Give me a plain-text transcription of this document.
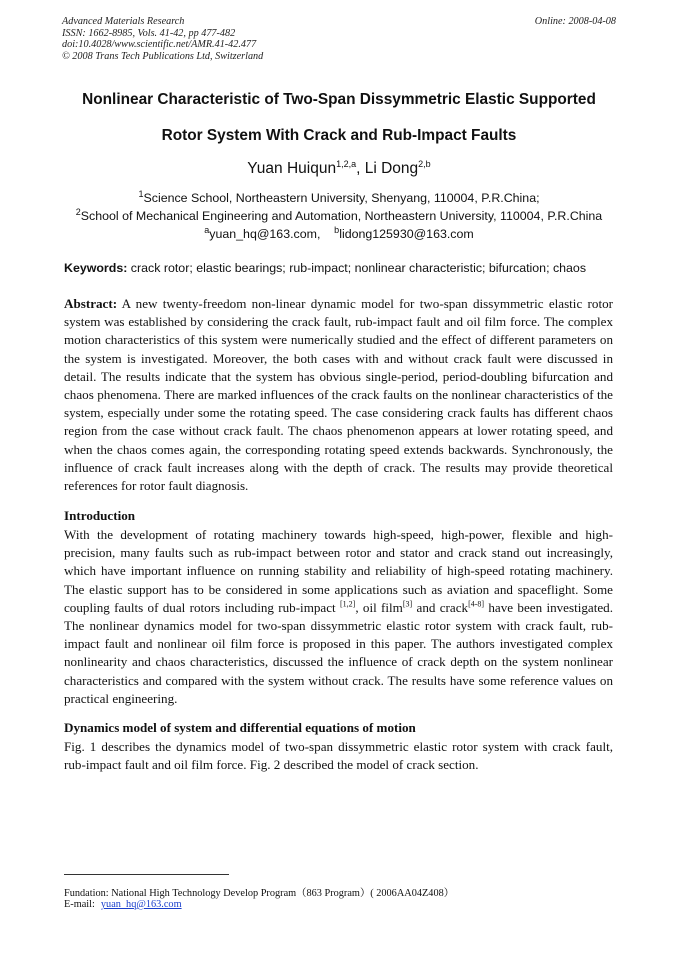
Advanced Materials Research
ISSN: 1662-8985, Vols. 41-42, pp 477-482
doi:10.4028/www.scientific.net/AMR.41-42.477
© 2008 Trans Tech Publications Ltd, Switzerland
Online: 2008-04-08
Nonlinear Characteristic of Two-Span Dissymmetric Elastic Supported
Rotor System With Crack and Rub-Impact Faults
Yuan Huiqun$^{1,2,a}$, Li Dong$^{2,b}$
$^1$Science School, Northeastern University, Shenyang, 110004, P.R.China;
$^2$School of Mechanical Engineering and Automation, Northeastern University, 110004, P.R.China
$^a$yuan_hq@163.com, $^b$lidong125930@163.com
Keywords: crack rotor; elastic bearings; rub-impact; nonlinear characteristic; bifurcation; chaos
Abstract: A new twenty-freedom non-linear dynamic model for two-span dissymmetric elastic rotor system was established by considering the crack fault, rub-impact fault and oil film force. The complex motion characteristics of this system were numerically studied and the effect of different parameters on the system is investigated. Moreover, the both cases with and without crack fault were discussed in detail. The results indicate that the system has obvious single-period, period-doubling bifurcation and chaos phenomena. There are marked influences of the crack faults on the nonlinear characteristics of the system, especially under some the rotating speed. The case considering crack faults has different chaos region from the case without crack fault. The chaos phenomenon appears at lower rotating speed, and when the chaos comes again, the corresponding rotating speed extends backwards. Synchronously, the influence of crack fault increases along with the depth of crack. The results may provide theoretical references for rotor fault diagnosis.
Introduction
With the development of rotating machinery towards high-speed, high-power, flexible and high-precision, many faults such as rub-impact between rotor and stator and crack stand out increasingly, which have important influence on running stability and reliability of high-speed rotating machinery. The elastic support has to be considered in some applications such as aviation and spaceflight. Some coupling faults of dual rotors including rub-impact [1,2], oil film[3] and crack[4-8] have been investigated. The nonlinear dynamics model for two-span dissymmetric elastic rotor system with crack fault, rub-impact fault and nonlinear oil film force is proposed in this paper. The authors investigated complex nonlinearity and chaos characteristics, discussed the influence of crack depth on the system nonlinear characteristics and compared with the system without crack. The results have some reference values on practical engineering.
Dynamics model of system and differential equations of motion
Fig. 1 describes the dynamics model of two-span dissymmetric elastic rotor system with crack fault, rub-impact fault and oil film force. Fig. 2 described the model of crack section.
Fundation: National High Technology Develop Program（863 Program）( 2006AA04Z408）
E-mail: yuan_hq@163.com
